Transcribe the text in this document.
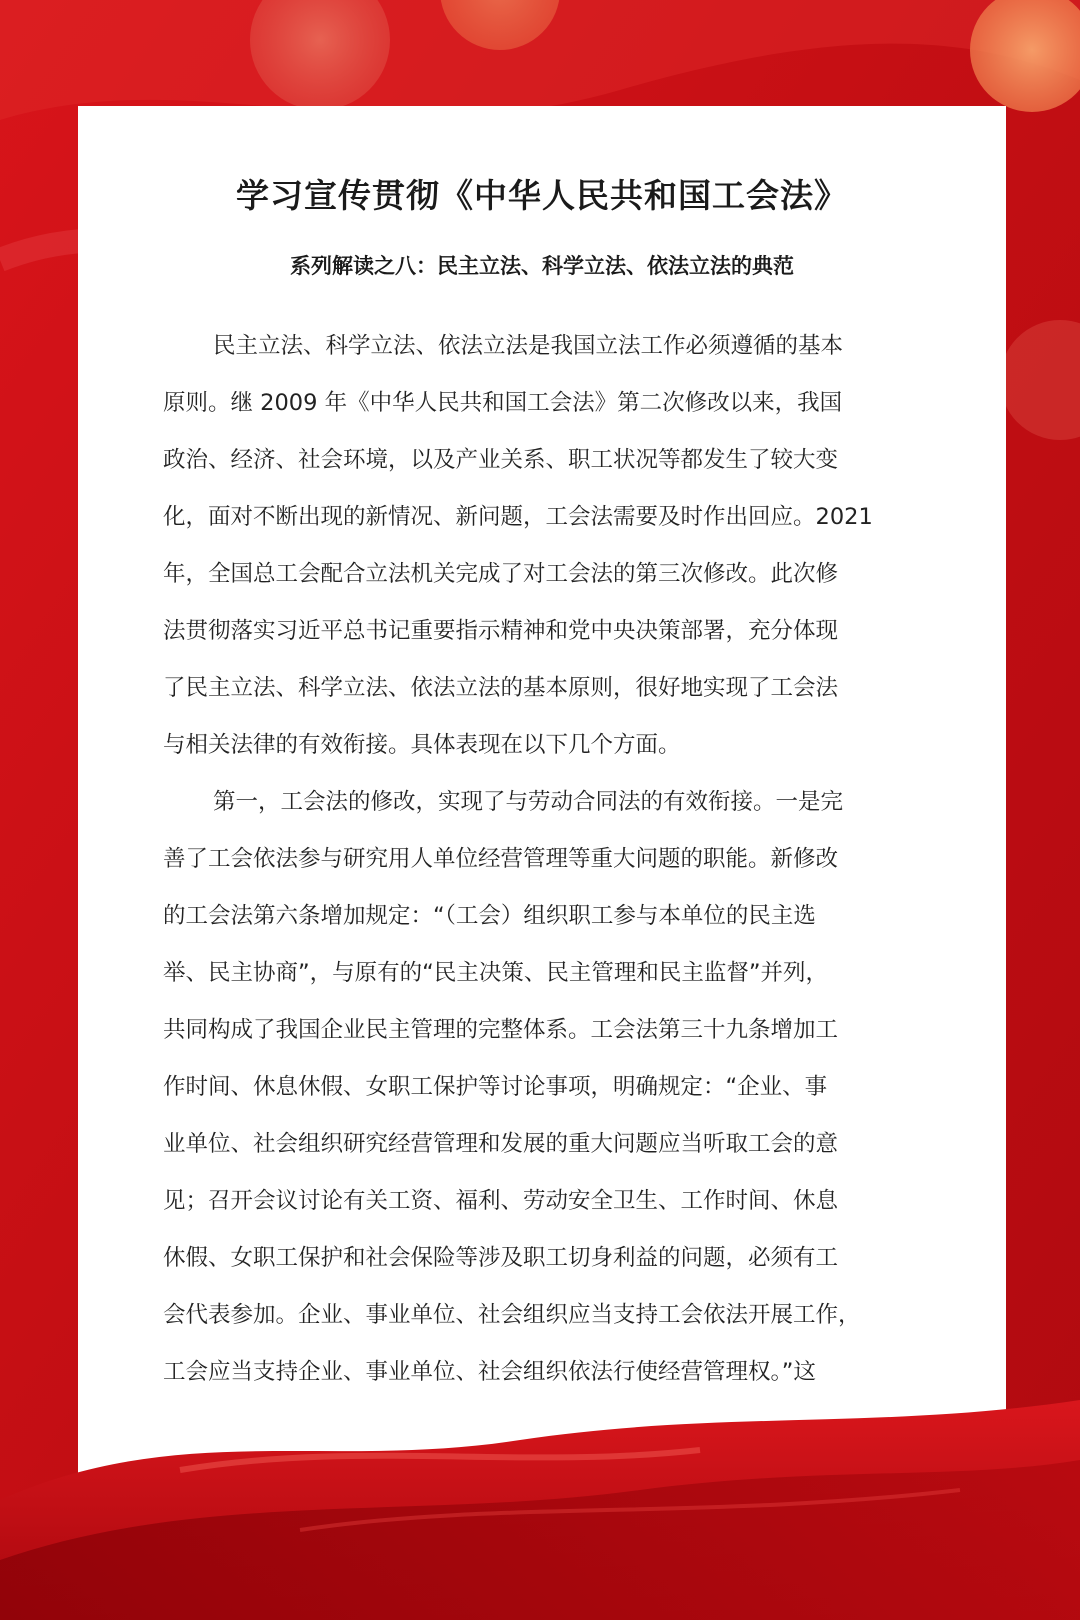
学习宣传贯彻《中华人民共和国工会法》
系列解读之八：民主立法、科学立法、依法立法的典范
民主立法、科学立法、依法立法是我国立法工作必须遵循的基本
原则。继 2009 年《中华人民共和国工会法》第二次修改以来，我国
政治、经济、社会环境，以及产业关系、职工状况等都发生了较大变
化，面对不断出现的新情况、新问题，工会法需要及时作出回应。2021
年，全国总工会配合立法机关完成了对工会法的第三次修改。此次修
法贯彻落实习近平总书记重要指示精神和党中央决策部署，充分体现
了民主立法、科学立法、依法立法的基本原则，很好地实现了工会法
与相关法律的有效衔接。具体表现在以下几个方面。
第一，工会法的修改，实现了与劳动合同法的有效衔接。一是完
善了工会依法参与研究用人单位经营管理等重大问题的职能。新修改
的工会法第六条增加规定：“（工会）组织职工参与本单位的民主选
举、民主协商”，与原有的“民主决策、民主管理和民主监督”并列，
共同构成了我国企业民主管理的完整体系。工会法第三十九条增加工
作时间、休息休假、女职工保护等讨论事项，明确规定：“企业、事
业单位、社会组织研究经营管理和发展的重大问题应当听取工会的意
见；召开会议讨论有关工资、福利、劳动安全卫生、工作时间、休息
休假、女职工保护和社会保险等涉及职工切身利益的问题，必须有工
会代表参加。企业、事业单位、社会组织应当支持工会依法开展工作，
工会应当支持企业、事业单位、社会组织依法行使经营管理权。”这
